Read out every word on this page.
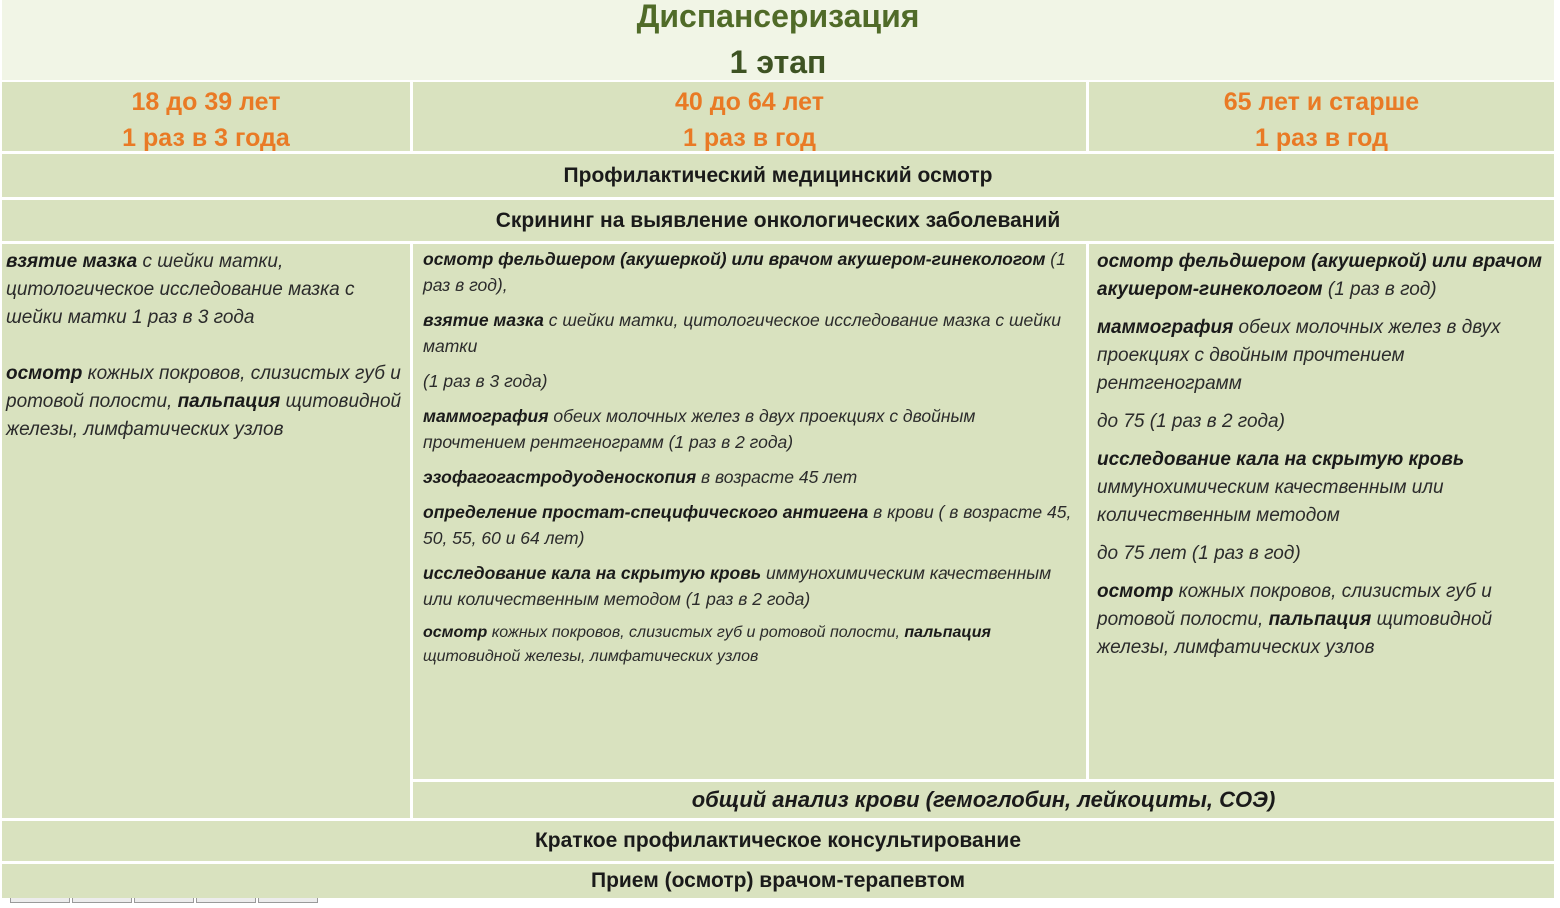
Диспансеризация
1 этап
18 до 39 лет
1 раз в 3 года
40 до 64 лет
1 раз в год
65 лет и старше
1 раз в год
Профилактический медицинский осмотр
Скрининг на выявление онкологических заболеваний

взятие мазка с шейки матки, цитологическое исследование мазка с шейки матки 1 раз в 3 года

осмотр кожных покровов, слизистых губ и ротовой полости, пальпация щитовидной железы, лимфатических узлов

осмотр фельдшером (акушеркой) или врачом акушером-гинекологом (1 раз в год),

взятие мазка с шейки матки, цитологическое исследование мазка с шейки матки

(1 раз в 3 года)

маммография обеих молочных желез в двух проекциях с двойным прочтением рентгенограмм (1 раз в 2 года)

эзофагогастродуоденоскопия в возрасте 45 лет

определение простат-специфического антигена в крови ( в возрасте 45, 50, 55, 60 и 64 лет)

исследование кала на скрытую кровь иммунохимическим качественным или количественным методом (1 раз в 2 года)

осмотр кожных покровов, слизистых губ и ротовой полости, пальпация щитовидной железы, лимфатических узлов

осмотр фельдшером (акушеркой) или врачом акушером-гинекологом (1 раз в год)

маммография обеих молочных желез в двух проекциях с двойным прочтением рентгенограмм

до 75 (1 раз в 2 года)

исследование кала на скрытую кровь иммунохимическим качественным или количественным методом

до 75 лет (1 раз в год)

осмотр кожных покровов, слизистых губ и ротовой полости, пальпация щитовидной железы, лимфатических узлов

общий анализ крови (гемоглобин, лейкоциты, СОЭ)
Краткое профилактическое консультирование
Прием (осмотр) врачом-терапевтом
